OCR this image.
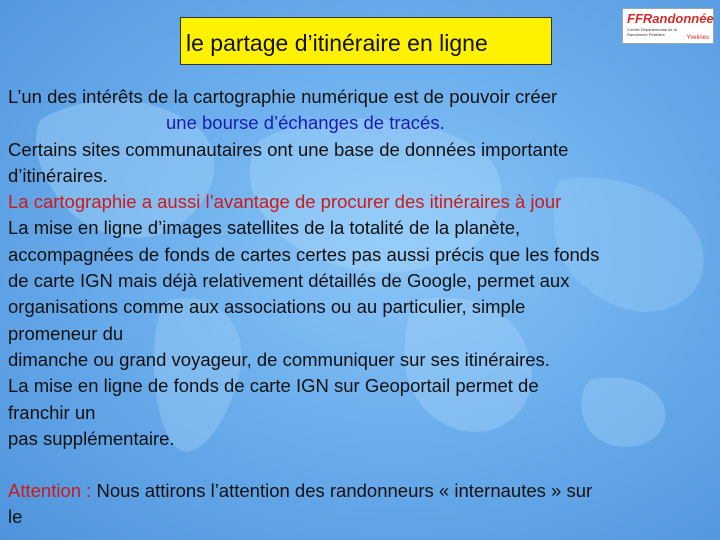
le partage d’itinéraire en ligne
FFRandonnée
Comité Départemental de la Randonnée Pédestre
Yvelines
L’un des intérêts de la cartographie numérique est de pouvoir créer
une bourse d’échanges de tracés.
Certains sites communautaires ont une base de données importante
d’itinéraires.
La cartographie a aussi l’avantage de procurer des itinéraires à jour
La mise en ligne d’images satellites de la totalité de la planète,
accompagnées de fonds de cartes certes pas aussi précis que les fonds
de carte IGN mais déjà relativement détaillés de Google, permet aux
organisations comme aux associations ou au particulier, simple
promeneur du
dimanche ou grand voyageur, de communiquer sur ses itinéraires.
La mise en ligne de fonds de carte IGN sur Geoportail permet de
franchir un
pas supplémentaire.
Attention : Nous attirons l’attention des randonneurs « internautes » sur
le
